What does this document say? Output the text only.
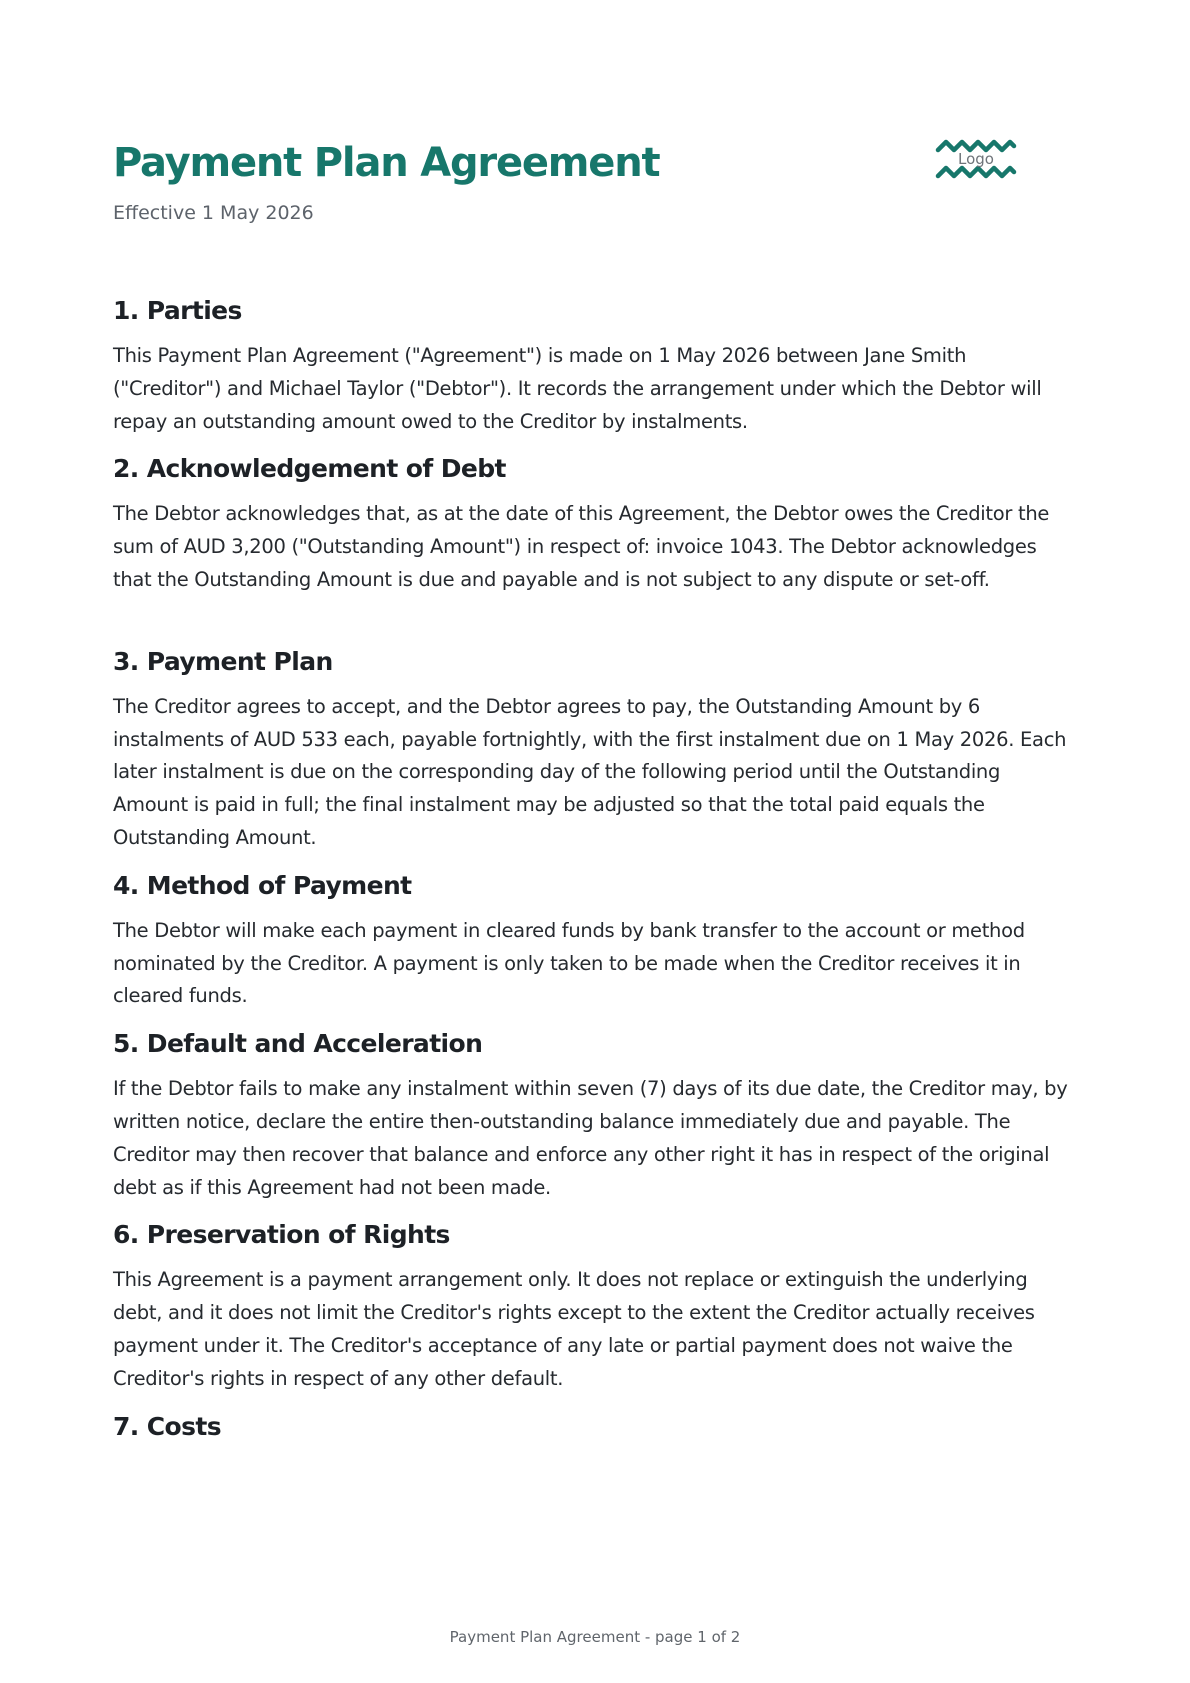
Payment Plan Agreement

Effective 1 May 2026

Logo
1. Parties

This Payment Plan Agreement ("Agreement") is made on 1 May 2026 between Jane Smith ("Creditor") and Michael Taylor ("Debtor"). It records the arrangement under which the Debtor will repay an outstanding amount owed to the Creditor by instalments.

2. Acknowledgement of Debt

The Debtor acknowledges that, as at the date of this Agreement, the Debtor owes the Creditor the sum of AUD 3,200 ("Outstanding Amount") in respect of: invoice 1043. The Debtor acknowledges that the Outstanding Amount is due and payable and is not subject to any dispute or set-off.

3. Payment Plan

The Creditor agrees to accept, and the Debtor agrees to pay, the Outstanding Amount by 6 instalments of AUD 533 each, payable fortnightly, with the first instalment due on 1 May 2026. Each later instalment is due on the corresponding day of the following period until the Outstanding Amount is paid in full; the final instalment may be adjusted so that the total paid equals the Outstanding Amount.

4. Method of Payment

The Debtor will make each payment in cleared funds by bank transfer to the account or method nominated by the Creditor. A payment is only taken to be made when the Creditor receives it in cleared funds.

5. Default and Acceleration

If the Debtor fails to make any instalment within seven (7) days of its due date, the Creditor may, by written notice, declare the entire then-outstanding balance immediately due and payable. The Creditor may then recover that balance and enforce any other right it has in respect of the original debt as if this Agreement had not been made.

6. Preservation of Rights

This Agreement is a payment arrangement only. It does not replace or extinguish the underlying debt, and it does not limit the Creditor's rights except to the extent the Creditor actually receives payment under it. The Creditor's acceptance of any late or partial payment does not waive the Creditor's rights in respect of any other default.

7. Costs
Payment Plan Agreement - page 1 of 2
